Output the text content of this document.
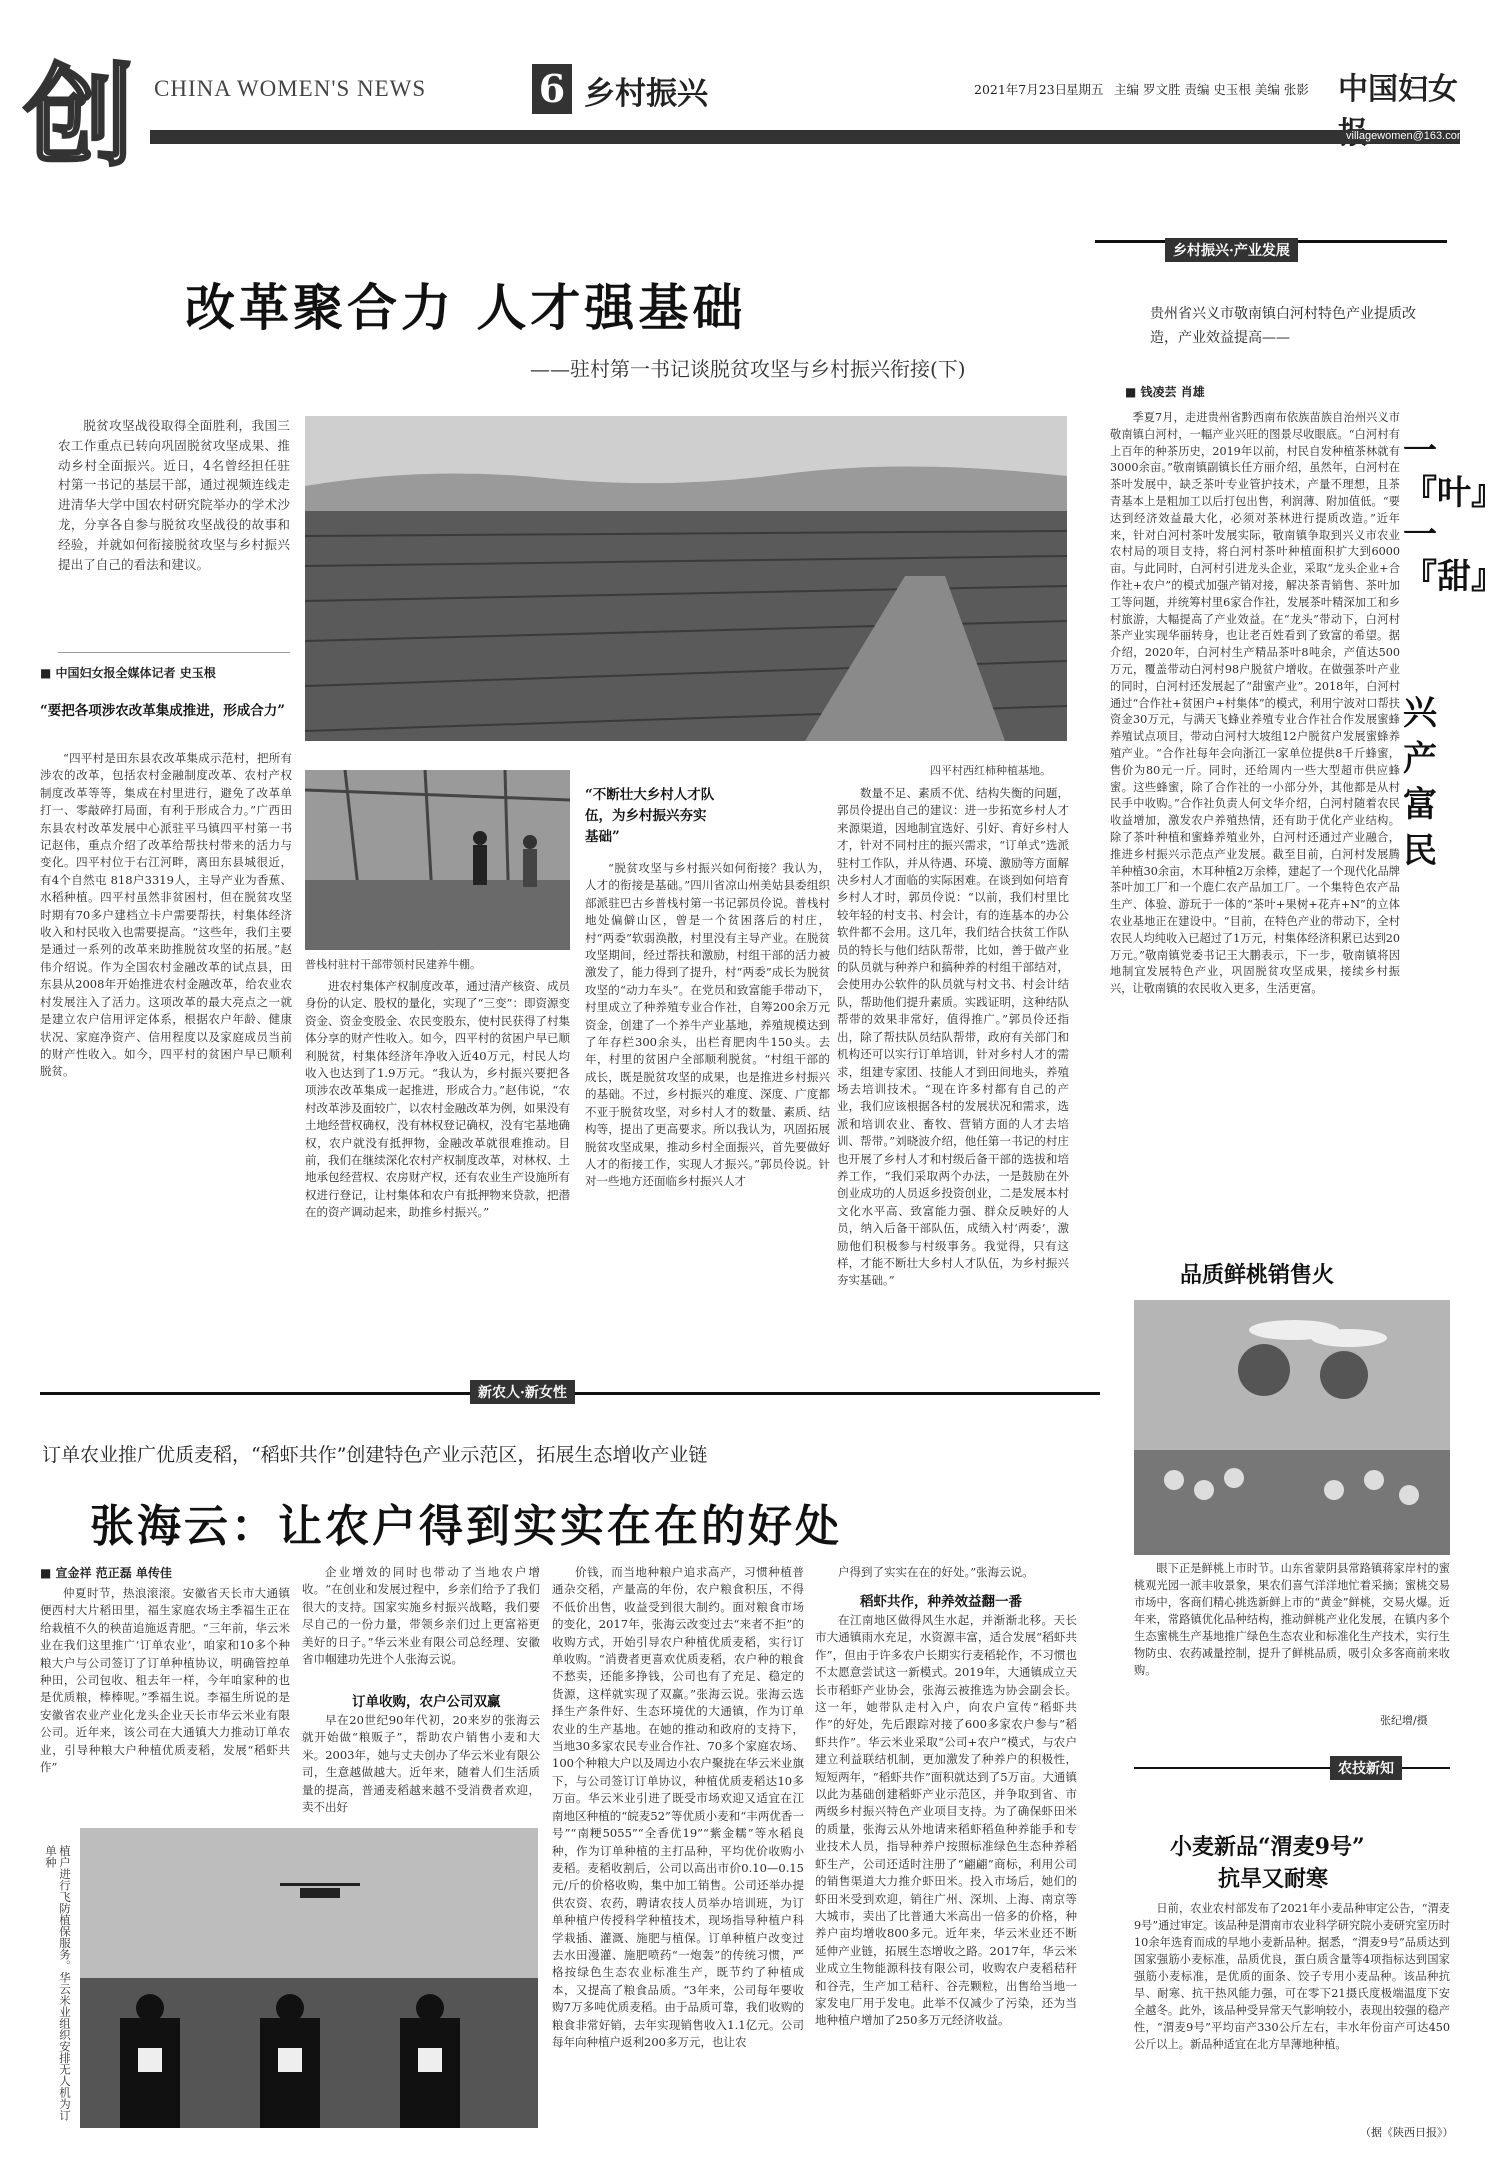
创 CHINA WOMEN'S NEWS	6 乡村振兴	2021年7月23日
星期五 主编 罗文胜 责编 史玉根 美编 张影 中国妇女
villagewomen@163.com
改革聚合力 人才强基础
——驻村第一书记谈脱贫攻坚与乡村振兴衔接(下)

脱贫攻坚战役取得全面胜利，我国三农工作重点已转向巩固脱贫攻坚成果、推动乡村全面振兴。近日，4名曾经担任驻村第一书记的基层干部，通过视频连线走进清华大学中国农村研究院举办的学术沙龙，分享各自参与脱贫攻坚战役的故事和经验，并就如何衔接脱贫攻坚与乡村振兴提出了自己的看法和建议。

■ 中国妇女报全媒体记者 史玉根
“要把各项涉农改革集成推进，形成合力”

“四平村是田东县农改革集成示范村，把所有涉农的改革，包括农村金融制度改革、农村产权制度改革等等，集成在村里进行，避免了改革单打一、零敲碎打局面，有利于形成合力。”广西田东县农村改革发展中心派驻平马镇四平村第一书记赵伟，重点介绍了改革给帮扶村带来的活力与变化。四平村位于右江河畔，离田东县城很近，有4个自然屯 818户3319人，主导产业为香蕉、水稻种植。四平村虽然非贫困村，但在脱贫攻坚时期有70多户建档立卡户需要帮扶，村集体经济收入和村民收入也需要提高。“这些年，我们主要是通过一系列的改革来助推脱贫攻坚的拓展。”赵伟介绍说。作为全国农村金融改革的试点县，田东县从2008年开始推进农村金融改革，给农业农村发展注入了活力。这项改革的最大亮点之一就是建立农户信用评定体系，根据农户年龄、健康状况、家庭净资产、信用程度以及家庭成员当前的财产性收入。如今，四平村的贫困户早已顺利脱贫。

四平村西红柿种植基地。
普栈村驻村干部带领村民建养牛棚。

进农村集体产权制度改革，通过清产核资、成员身份的认定、股权的量化，实现了“三变”：即资源变资金、资金变股金、农民变股东，使村民获得了村集体分享的财产性收入。如今，四平村的贫困户早已顺利脱贫，村集体经济年净收入近40万元，村民人均收入也达到了1.9万元。“我认为，乡村振兴要把各项涉农改革集成一起推进，形成合力。”赵伟说，“农村改革涉及面较广，以农村金融改革为例，如果没有土地经营权确权，没有林权登记确权，没有宅基地确权，农户就没有抵押物，金融改革就很难推动。目前，我们在继续深化农村产权制度改革，对林权、土地承包经营权、农房财产权，还有农业生产设施所有权进行登记，让村集体和农户有抵押物来贷款，把潜在的资产调动起来，助推乡村振兴。”

“不断壮大乡村人才队伍，为乡村振兴夯实基础”

“脱贫攻坚与乡村振兴如何衔接？我认为，人才的衔接是基础。”四川省凉山州美姑县委组织部派驻巴古乡普栈村第一书记郭员伶说。普栈村地处偏僻山区，曾是一个贫困落后的村庄，村“两委”软弱涣散，村里没有主导产业。在脱贫攻坚期间，经过帮扶和激励，村组干部的活力被激发了，能力得到了提升，村“两委”成长为脱贫攻坚的“动力车头”。在党员和致富能手带动下，村里成立了种养殖专业合作社，自筹200余万元资金，创建了一个养牛产业基地，养殖规模达到了年存栏300余头，出栏育肥肉牛150头。去年，村里的贫困户全部顺利脱贫。“村组干部的成长，既是脱贫攻坚的成果，也是推进乡村振兴的基础。不过，乡村振兴的难度、深度、广度都不亚于脱贫攻坚，对乡村人才的数量、素质、结构等，提出了更高要求。所以我认为，巩固拓展脱贫攻坚成果，推动乡村全面振兴，首先要做好人才的衔接工作，实现人才振兴。”郭员伶说。针对一些地方还面临乡村振兴人才

数量不足、素质不优、结构失衡的问题，郭员伶提出自己的建议：进一步拓宽乡村人才来源渠道，因地制宜选好、引好、育好乡村人才，针对不同村庄的振兴需求，“订单式”选派驻村工作队，并从待遇、环境、激励等方面解决乡村人才面临的实际困难。在谈到如何培育乡村人才时，郭员伶说：“以前，我们村里比较年轻的村支书、村会计，有的连基本的办公软件都不会用。这几年，我们结合扶贫工作队员的特长与他们结队帮带，比如，善于做产业的队员就与种养户和搞种养的村组干部结对，会使用办公软件的队员就与村文书、村会计结队，帮助他们提升素质。实践证明，这种结队帮带的效果非常好，值得推广。”郭员伶还指出，除了帮扶队员结队帮带，政府有关部门和机构还可以实行订单培训，针对乡村人才的需求，组建专家团、技能人才到田间地头，养殖场去培训技术。“现在许多村都有自己的产业，我们应该根据各村的发展状况和需求，选派和培训农业、畜牧、营销方面的人才去培训、帮带。”刘晓波介绍，他任第一书记的村庄也开展了乡村人才和村级后备干部的选拔和培养工作，“我们采取两个办法，一是鼓励在外创业成功的人员返乡投资创业，二是发展本村文化水平高、致富能力强、群众反映好的人员，纳入后备干部队伍，成绩入村‘两委’，激励他们积极参与村级事务。我觉得，只有这样，才能不断壮大乡村人才队伍，为乡村振兴夯实基础。”

乡村振兴·产业发展
贵州省兴义市敬南镇白河村特色产业提质改造，产业效益提高——
■ 钱凌芸 肖雄

季夏7月，走进贵州省黔西南布依族苗族自治州兴义市敬南镇白河村，一幅产业兴旺的图景尽收眼底。“白河村有上百年的种茶历史，2019年以前，村民自发种植茶林就有3000余亩。”敬南镇副镇长任方丽介绍，虽然年，白河村在茶叶发展中，缺乏茶叶专业管护技术，产量不理想，且茶青基本上是粗加工以后打包出售，利润薄、附加值低。“要达到经济效益最大化，必须对茶林进行提质改造。”近年来，针对白河村茶叶发展实际，敬南镇争取到兴义市农业农村局的项目支持，将白河村茶叶种植面积扩大到6000亩。与此同时，白河村引进龙头企业，采取“龙头企业+合作社+农户”的模式加强产销对接，解决茶青销售、茶叶加工等问题，并统筹村里6家合作社，发展茶叶精深加工和乡村旅游，大幅提高了产业效益。在“龙头”带动下，白河村茶产业实现华丽转身，也让老百姓看到了致富的希望。据介绍，2020年，白河村生产精品茶叶8吨余，产值达500万元，覆盖带动白河村98户脱贫户增收。在做强茶叶产业的同时，白河村还发展起了“甜蜜产业”。2018年，白河村通过“合作社+贫困户+村集体”的模式，利用宁波对口帮扶资金30万元，与满天飞蜂业养殖专业合作社合作发展蜜蜂养殖试点项目，带动白河村大坡组12户脱贫户发展蜜蜂养殖产业。“合作社每年会向浙江一家单位提供8千斤蜂蜜，售价为80元一斤。同时，还给周内一些大型超市供应蜂蜜。这些蜂蜜，除了合作社的一小部分外，其他都是从村民手中收购。”合作社负责人何文华介绍，白河村随着农民收益增加，激发农户养殖热情，还有助于优化产业结构。除了茶叶种植和蜜蜂养殖业外，白河村还通过产业融合，推进乡村振兴示范点产业发展。截至目前，白河村发展腾羊种植30余亩，木耳种植2万余棒，建起了一个现代化品牌茶叶加工厂和一个鹿仁农产品加工厂。一个集特色农产品生产、体验、游玩于一体的“茶叶+果树+花卉+N”的立体农业基地正在建设中。“目前，在特色产业的带动下，全村农民人均纯收入已超过了1万元，村集体经济积累已达到20万元。”敬南镇党委书记王大鹏表示，下一步，敬南镇将因地制宜发展特色产业，巩固脱贫攻坚成果，接续乡村振兴，让敬南镇的农民收入更多，生活更富。

一『叶』一『甜』
兴产富民
品质鲜桃销售火

眼下正是鲜桃上市时节。山东省蒙阴县常路镇蒋家岸村的蜜桃观光园一派丰收景象，果农们喜气洋洋地忙着采摘；蜜桃交易市场中，客商们精心挑选新鲜上市的“黄金”鲜桃，交易火爆。近年来，常路镇优化品种结构，推动鲜桃产业化发展，在镇内多个生态蜜桃生产基地推广绿色生态农业和标准化生产技术，实行生物防虫、农药减量控制，提升了鲜桃品质，吸引众多客商前来收购。

张纪增/摄
农技新知
小麦新品“渭麦9号”
抗旱又耐寒

日前，农业农村部发布了2021年小麦品种审定公告，“渭麦9号”通过审定。该品种是渭南市农业科学研究院小麦研究室历时10余年选育而成的早地小麦新品种。据悉，“渭麦9号”品质达到国家强筋小麦标准，品质优良，蛋白质含量等4项指标达到国家强筋小麦标准，是优质的面条、饺子专用小麦品种。该品种抗旱、耐寒、抗干热风能力强，可在零下21摄氏度极端温度下安全越冬。此外，该品种受异常天气影响较小，表现出较强的稳产性，“渭麦9号”平均亩产330公斤左右，丰水年份亩产可达450公斤以上。新品种适宜在北方旱薄地种植。

（据《陕西日报》）
新农人·新女性
订单农业推广优质麦稻，“稻虾共作”创建特色产业示范区，拓展生态增收产业链
张海云：让农户得到实实在在的好处
■ 宣金祥 范正磊 单传佳

仲夏时节，热浪滚滚。安徽省天长市大通镇便西村大片稻田里，福生家庭农场主季福生正在给栽植不久的秧苗追施返青肥。“三年前，华云米业在我们这里推广‘订单农业’，咱家和10多个种粮大户与公司签订了订单种植协议，明确管控单种田，公司包收、租去年一样，今年咱家种的也是优质粮，棒棒呢。”季福生说。李福生所说的是安徽省农业产业化龙头企业天长市华云米业有限公司。近年来，该公司在大通镇大力推动订单农业，引导种粮大户种植优质麦稻，发展“稻虾共作”

企业增效的同时也带动了当地农户增收。“在创业和发展过程中，乡亲们给予了我们很大的支持。国家实施乡村振兴战略，我们要尽自己的一份力量，带领乡亲们过上更富裕更美好的日子。”华云米业有限公司总经理、安徽省巾帼建功先进个人张海云说。

订单收购，农户公司双赢

早在20世纪90年代初，20来岁的张海云就开始做“粮贩子”，帮助农户销售小麦和大米。2003年，她与丈夫创办了华云米业有限公司，生意越做越大。近年来，随着人们生活质量的提高，普通麦稻越来越不受消费者欢迎，卖不出好

价钱，而当地种粮户追求高产，习惯种植普通杂交稻，产量高的年份，农户粮食积压，不得不低价出售，收益受到很大制约。面对粮食市场的变化，2017年，张海云改变过去“来者不拒”的收购方式，开始引导农户种植优质麦稻，实行订单收购。“消费者更喜欢优质麦稻，农户种的粮食不愁卖，还能多挣钱，公司也有了充足、稳定的货源，这样就实现了双赢。”张海云说。张海云选择生产条件好、生态环境优的大通镇，作为订单农业的生产基地。在她的推动和政府的支持下，当地30多家农民专业合作社、70多个家庭农场、100个种粮大户以及周边小农户聚拢在华云米业旗下，与公司签订订单协议，种植优质麦稻达10多万亩。华云米业引进了既受市场欢迎又适宜在江南地区种植的“皖麦52”等优质小麦和“丰两优香一号”“南粳5055”“全香优19”“紫金糯”等水稻良种，作为订单种植的主打品种，平均优价收购小麦稻。麦稻收割后，公司以高出市价0.10—0.15元/斤的价格收购，集中加工销售。公司还举办提供农资、农药，聘请农技人员举办培训班，为订单种植户传授科学种植技术，现场指导种植户科学栽插、灌溉、施肥与植保。订单种植户改变过去水田漫灌、施肥喷药“一炮轰”的传统习惯，严格按绿色生态农业标准生产，既节约了种植成本，又提高了粮食品质。“3年来，公司每年要收购7万多吨优质麦稻。由于品质可靠，我们收购的粮食非常好销，去年实现销售收入1.1亿元。公司每年向种植户返利200多万元，也让农

户得到了实实在在的好处。”张海云说。

稻虾共作，种养效益翻一番

在江南地区做得风生水起，并渐渐北移。天长市大通镇雨水充足，水资源丰富，适合发展“稻虾共作”，但由于许多农户长期实行麦稻轮作，不习惯也不太愿意尝试这一新模式。2019年，大通镇成立天长市稻虾产业协会，张海云被推选为协会副会长。这一年，她带队走村入户，向农户宣传“稻虾共作”的好处，先后跟踪对接了600多家农户参与“稻虾共作”。华云米业采取“公司+农户”模式，与农户建立利益联结机制，更加激发了种养户的积极性，短短两年，“稻虾共作”面积就达到了5万亩。大通镇以此为基础创建稻虾产业示范区，并争取到省、市两级乡村振兴特色产业项目支持。为了确保虾田米的质量，张海云从外地请来稻虾稻鱼种养能手和专业技术人员，指导种养户按照标准绿色生态种养稻虾生产，公司还适时注册了“翩翩”商标，利用公司的销售渠道大力推介虾田米。投入市场后，她们的虾田米受到欢迎，销往广州、深圳、上海、南京等大城市，卖出了比普通大米高出一倍多的价格，种养户亩均增收800多元。近年来，华云米业还不断延伸产业链，拓展生态增收之路。2017年，华云米业成立生物能源科技有限公司，收购农户麦稻秸秆和谷壳，生产加工秸秆、谷壳颗粒，出售给当地一家发电厂用于发电。此举不仅减少了污染，还为当地种植户增加了250多万元经济收益。

植户进行飞防植保服务。华云米业组织安排无人机为订单种
